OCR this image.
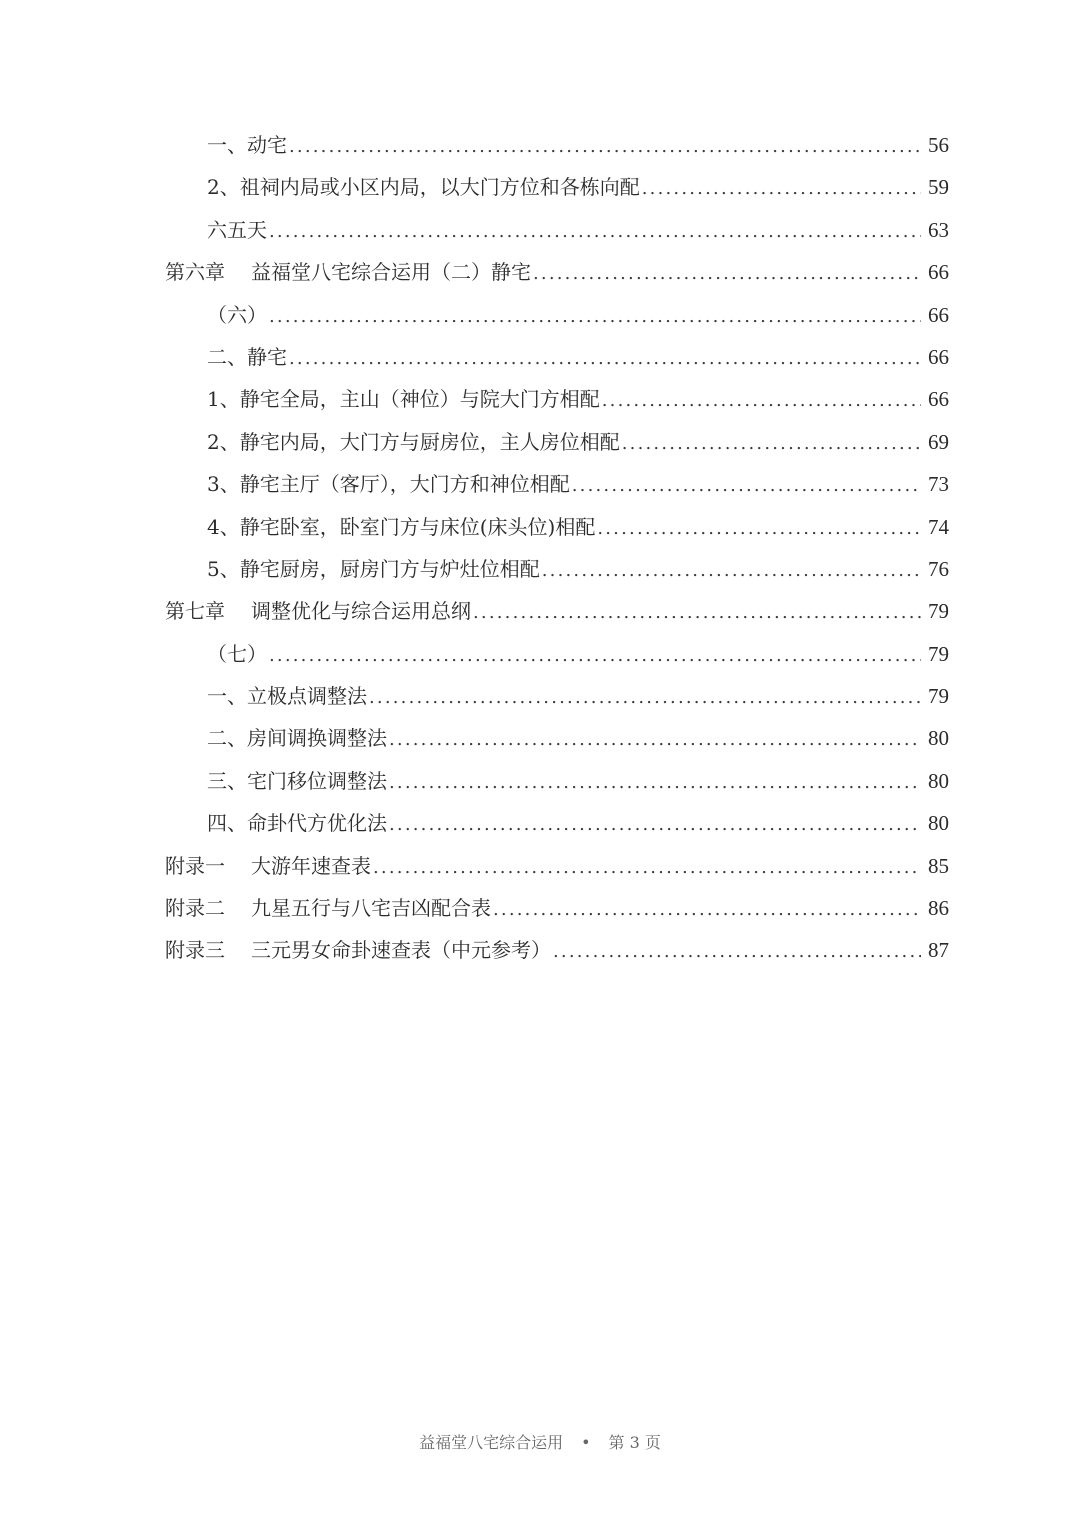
一、动宅 .....	56
2、祖祠内局或小区内局，以大门方位和各栋向配 .....	59
六五天 .....	63
第六章	益福堂八宅综合运用（二）静宅 .....	66
（六） .....	66
二、静宅 .....	66
1、静宅全局，主山（神位）与院大门方相配 .....	66
2、静宅内局，大门方与厨房位，主人房位相配 .....	69
3、静宅主厅（客厅），大门方和神位相配 .....	73
4、静宅卧室，卧室门方与床位(床头位)相配 .....	74
5、静宅厨房，厨房门方与炉灶位相配 .....	76
第七章	调整优化与综合运用总纲 .....	79
（七） .....	79
一、立极点调整法 .....	79
二、房间调换调整法 .....	80
三、宅门移位调整法 .....	80
四、命卦代方优化法 .....	80
附录一	大游年速查表 .....	85
附录二	九星五行与八宅吉凶配合表 .....	86
附录三	三元男女命卦速查表（中元参考） .....	87
益福堂八宅综合运用 • 第 3 页
